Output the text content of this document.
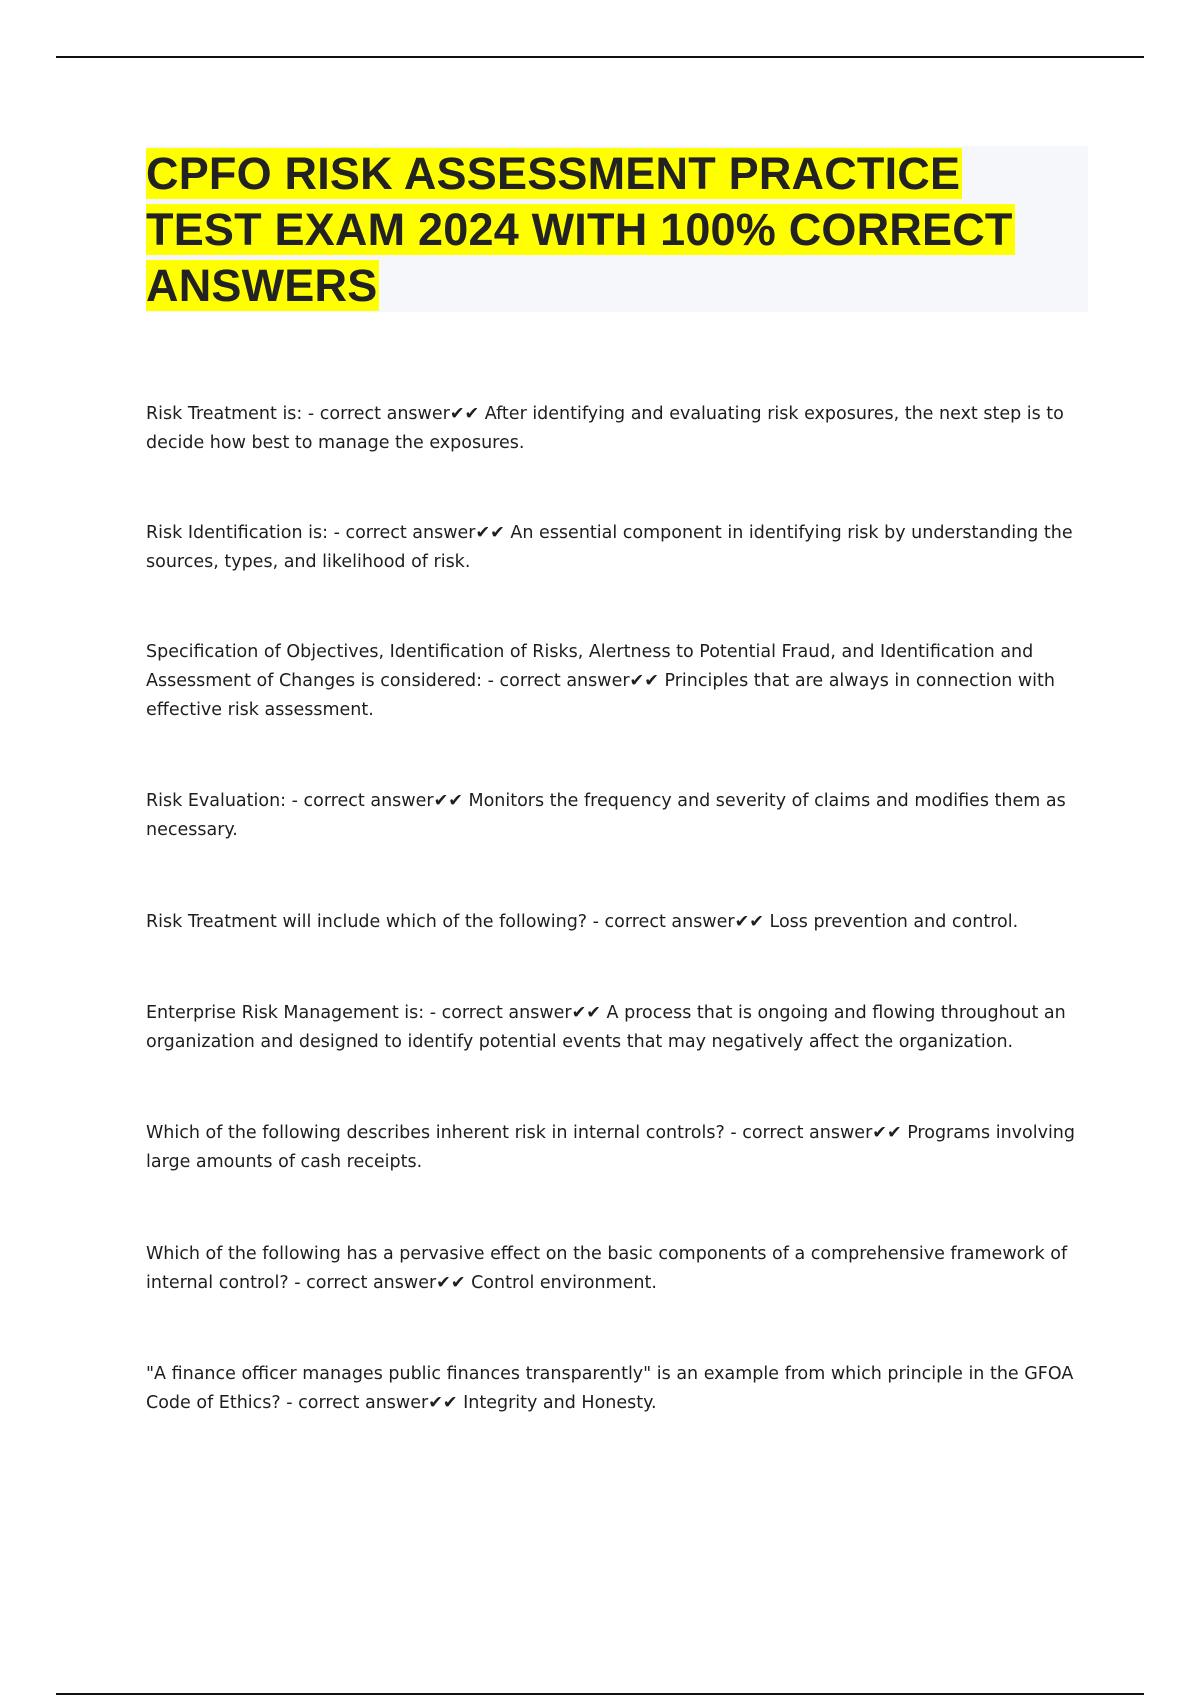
CPFO RISK ASSESSMENT PRACTICE TEST EXAM 2024 WITH 100% CORRECT ANSWERS

Risk Treatment is: - correct answer✔✔ After identifying and evaluating risk exposures, the next step is to decide how best to manage the exposures.

Risk Identification is: - correct answer✔✔ An essential component in identifying risk by understanding the sources, types, and likelihood of risk.

Specification of Objectives, Identification of Risks, Alertness to Potential Fraud, and Identification and Assessment of Changes is considered: - correct answer✔✔ Principles that are always in connection with effective risk assessment.

Risk Evaluation: - correct answer✔✔ Monitors the frequency and severity of claims and modifies them as necessary.

Risk Treatment will include which of the following? - correct answer✔✔ Loss prevention and control.

Enterprise Risk Management is: - correct answer✔✔ A process that is ongoing and flowing throughout an organization and designed to identify potential events that may negatively affect the organization.

Which of the following describes inherent risk in internal controls? - correct answer✔✔ Programs involving large amounts of cash receipts.

Which of the following has a pervasive effect on the basic components of a comprehensive framework of internal control? - correct answer✔✔ Control environment.

"A finance officer manages public finances transparently" is an example from which principle in the GFOA Code of Ethics? - correct answer✔✔ Integrity and Honesty.
